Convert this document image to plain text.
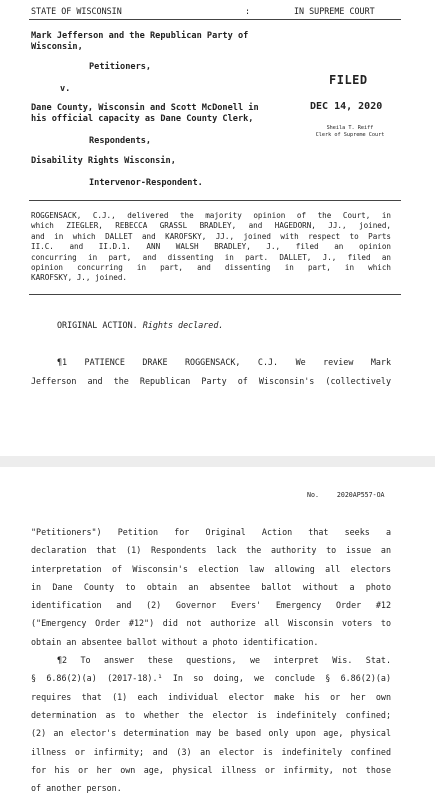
STATE OF WISCONSIN	:	IN SUPREME COURT
Mark Jefferson and the Republican Party of
Wisconsin,
Petitioners,
v.
Dane County, Wisconsin and Scott McDonell in
his official capacity as Dane County Clerk,
Respondents,
Disability Rights Wisconsin,
Intervenor-Respondent.
FILED
DEC 14, 2020
Sheila T. Reiff
Clerk of Supreme Court

ROGGENSACK, C.J., delivered the majority opinion of the Court, in

which ZIEGLER, REBECCA GRASSL BRADLEY, and HAGEDORN, JJ., joined,

and in which DALLET and KAROFSKY, JJ., joined with respect to Parts

II.C. and II.D.1. ANN WALSH BRADLEY, J., filed an opinion

concurring in part, and dissenting in part. DALLET, J., filed an

opinion concurring in part, and dissenting in part, in which

KAROFSKY, J., joined.

ORIGINAL ACTION. Rights declared.
¶1 PATIENCE DRAKE ROGGENSACK, C.J. We review Mark
Jefferson and the Republican Party of Wisconsin's (collectively
No.	2020AP557-OA
"Petitioners") Petition for Original Action that seeks a
declaration that (1) Respondents lack the authority to issue an
interpretation of Wisconsin's election law allowing all electors
in Dane County to obtain an absentee ballot without a photo
identification and (2) Governor Evers' Emergency Order #12
("Emergency Order #12") did not authorize all Wisconsin voters to
obtain an absentee ballot without a photo identification.
¶2 To answer these questions, we interpret Wis. Stat.
§ 6.86(2)(a) (2017-18).¹ In so doing, we conclude § 6.86(2)(a)
requires that (1) each individual elector make his or her own
determination as to whether the elector is indefinitely confined;
(2) an elector's determination may be based only upon age, physical
illness or infirmity; and (3) an elector is indefinitely confined
for his or her own age, physical illness or infirmity, not those
of another person.
